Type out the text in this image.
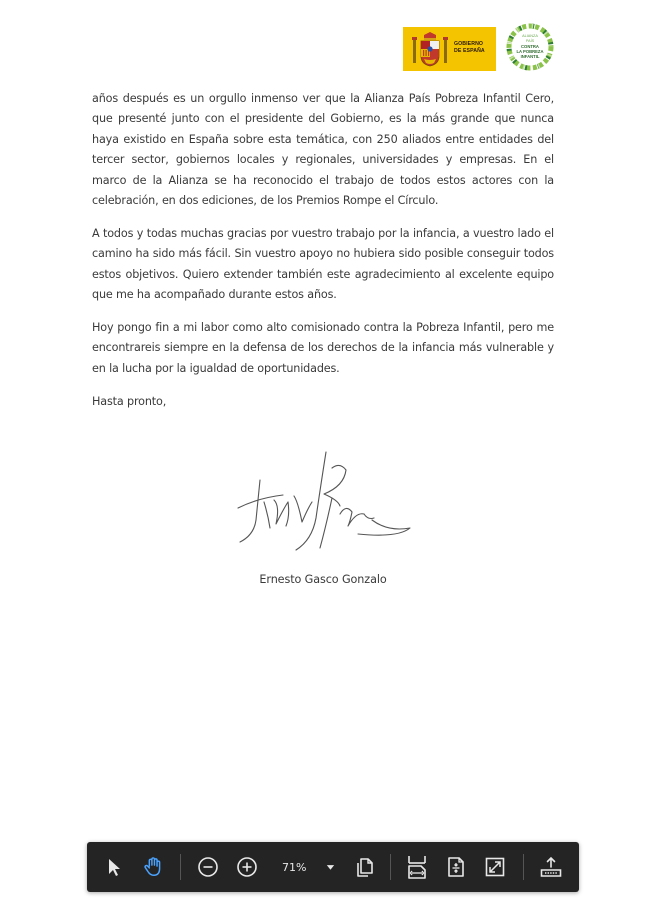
GOBIERNO
DE ESPAÑA
ALIANZA
PAÍS
CONTRA
LA POBREZA
INFANTIL

años después es un orgullo inmenso ver que la Alianza País Pobreza Infantil Cero, que presenté junto con el presidente del Gobierno, es la más grande que nunca haya existido en España sobre esta temática, con 250 aliados entre entidades del tercer sector, gobiernos locales y regionales, universidades y empresas. En el marco de la Alianza se ha reconocido el trabajo de todos estos actores con la celebración, en dos ediciones, de los Premios Rompe el Círculo.

A todos y todas muchas gracias por vuestro trabajo por la infancia, a vuestro lado el camino ha sido más fácil. Sin vuestro apoyo no hubiera sido posible conseguir todos estos objetivos. Quiero extender también este agradecimiento al excelente equipo que me ha acompañado durante estos años.

Hoy pongo fin a mi labor como alto comisionado contra la Pobreza Infantil, pero me encontrareis siempre en la defensa de los derechos de la infancia más vulnerable y en la lucha por la igualdad de oportunidades.

Hasta pronto,

Ernesto Gasco Gonzalo
71%
